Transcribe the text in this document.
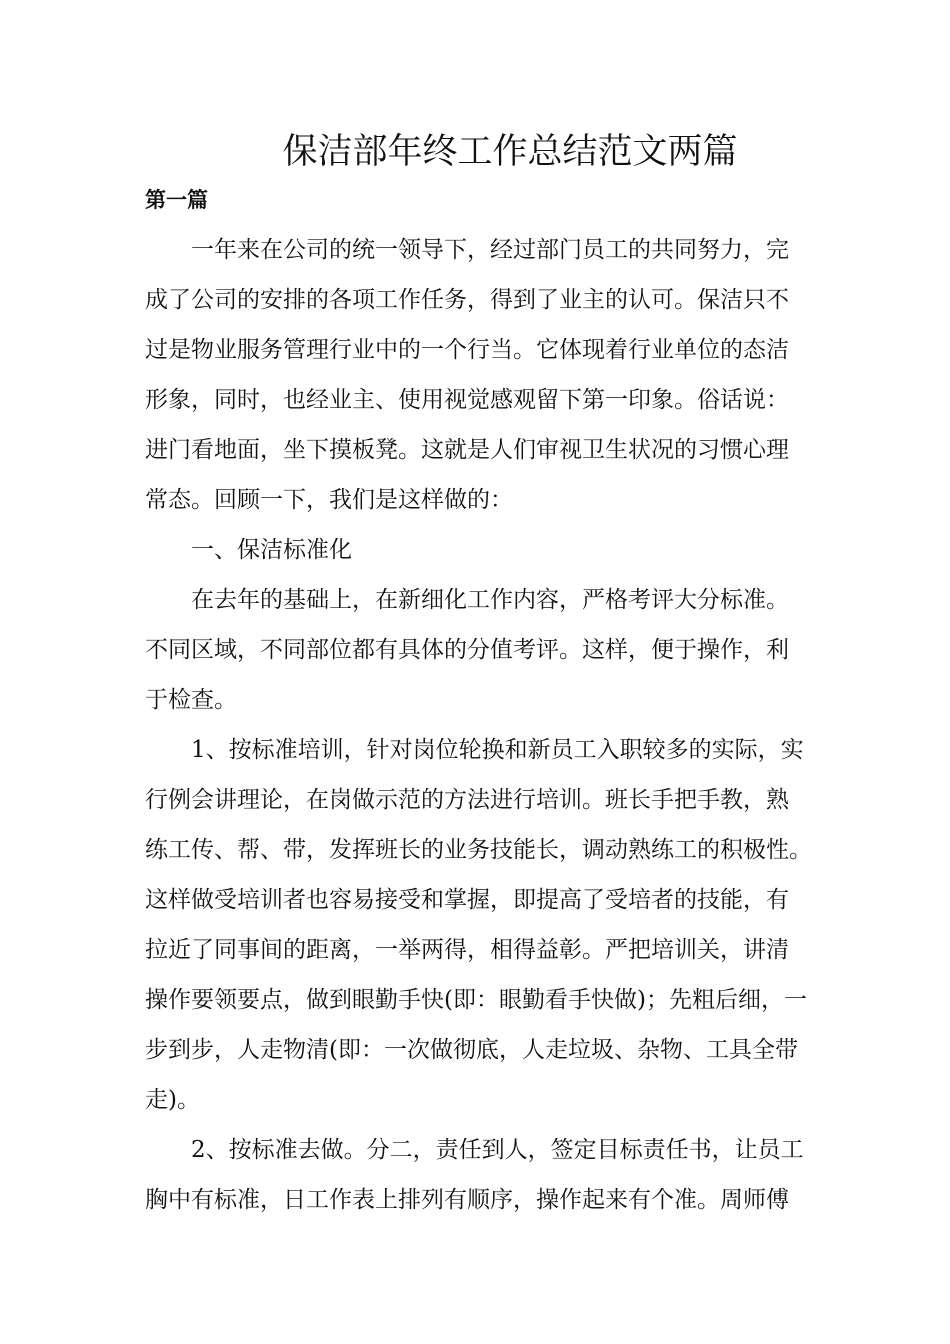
保洁部年终工作总结范文两篇
第一篇
一年来在公司的统一领导下，经过部门员工的共同努力，完
成了公司的安排的各项工作任务，得到了业主的认可。保洁只不
过是物业服务管理行业中的一个行当。它体现着行业单位的态洁
形象，同时，也经业主、使用视觉感观留下第一印象。俗话说：
进门看地面，坐下摸板凳。这就是人们审视卫生状况的习惯心理
常态。回顾一下，我们是这样做的：
一、保洁标准化
在去年的基础上，在新细化工作内容，严格考评大分标准。
不同区域，不同部位都有具体的分值考评。这样，便于操作，利
于检查。
1、按标准培训，针对岗位轮换和新员工入职较多的实际，实
行例会讲理论，在岗做示范的方法进行培训。班长手把手教，熟
练工传、帮、带，发挥班长的业务技能长，调动熟练工的积极性。
这样做受培训者也容易接受和掌握，即提高了受培者的技能，有
拉近了同事间的距离，一举两得，相得益彰。严把培训关，讲清
操作要领要点，做到眼勤手快(即：眼勤看手快做)；先粗后细，一
步到步，人走物清(即：一次做彻底，人走垃圾、杂物、工具全带
走)。
2、按标准去做。分二，责任到人，签定目标责任书，让员工
胸中有标准，日工作表上排列有顺序，操作起来有个准。周师傅
